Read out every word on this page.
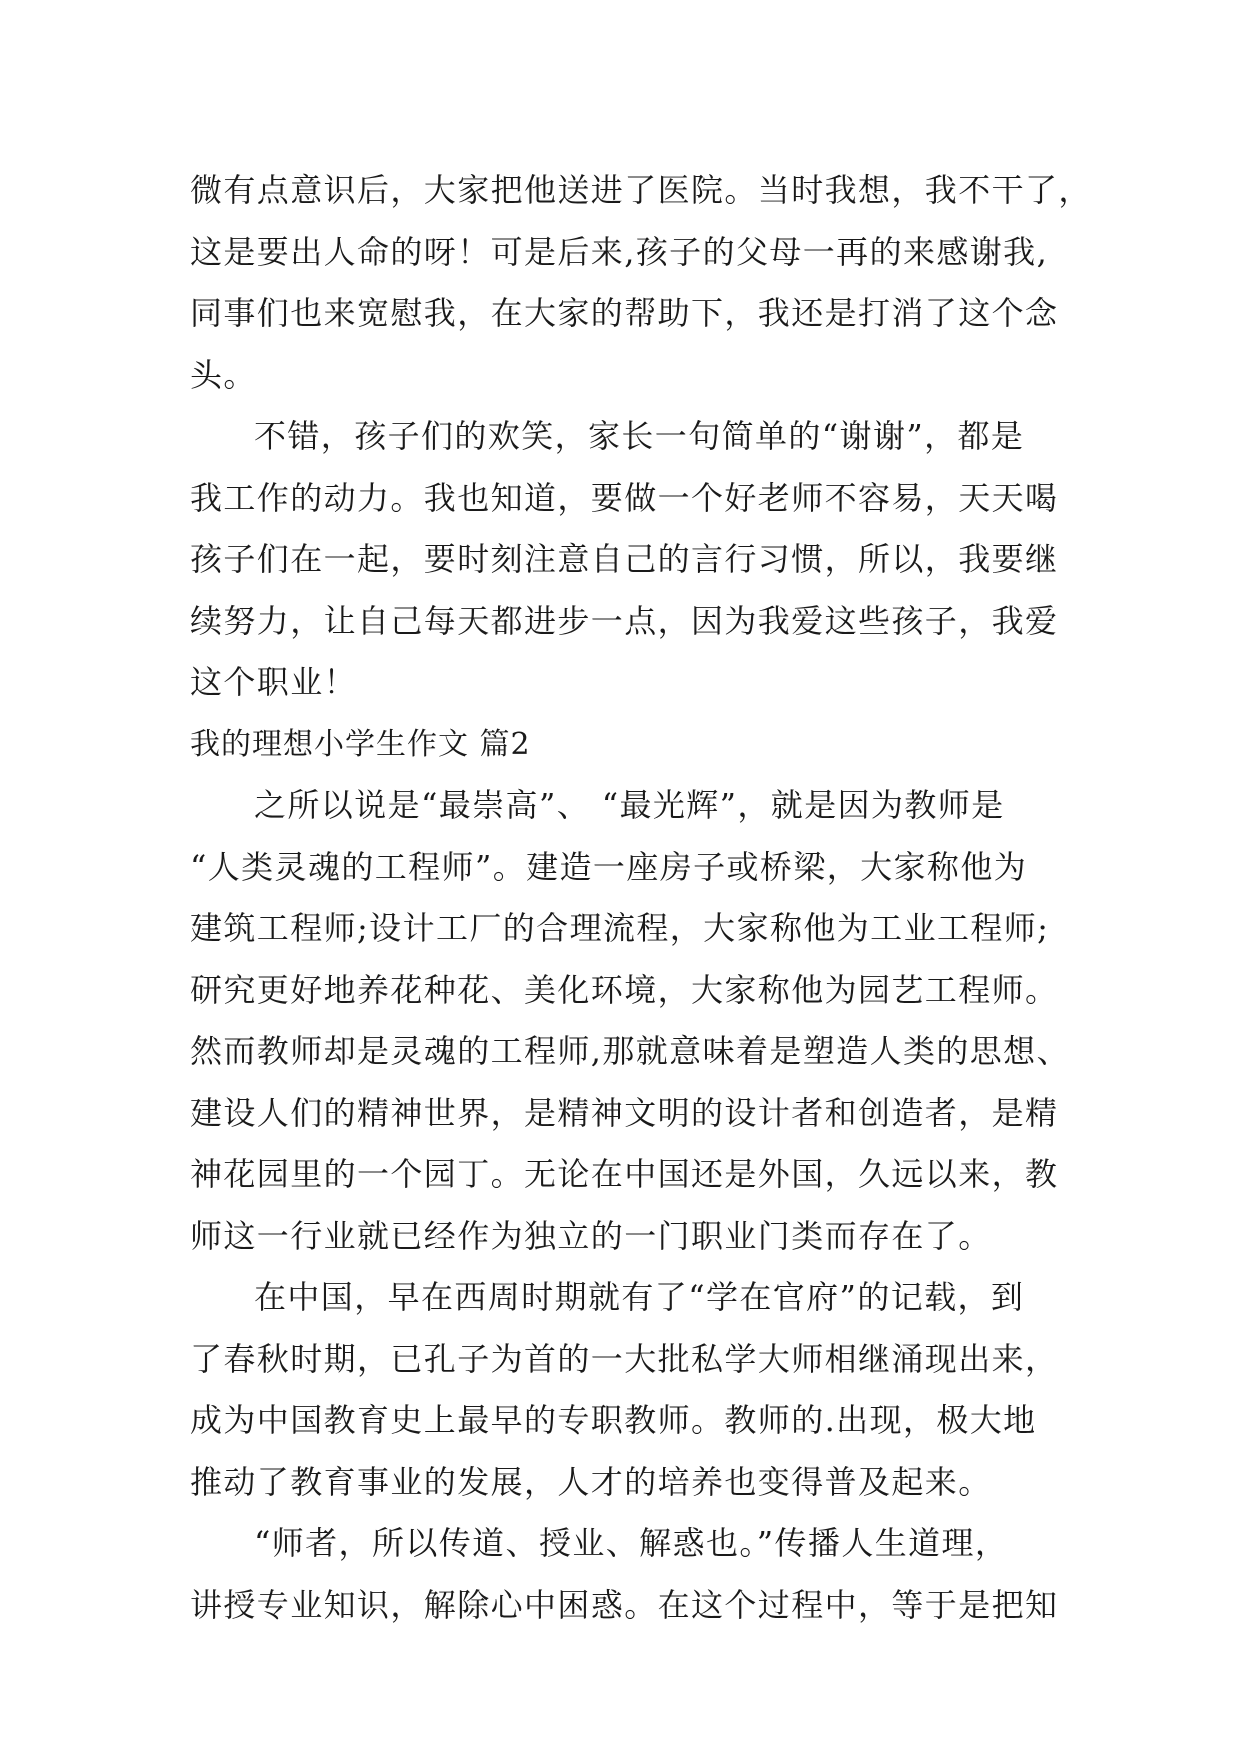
微有点意识后，大家把他送进了医院。当时我想，我不干了，
这是要出人命的呀！可是后来,孩子的父母一再的来感谢我,
同事们也来宽慰我，在大家的帮助下，我还是打消了这个念
头。
不错，孩子们的欢笑，家长一句简单的“谢谢”，都是
我工作的动力。我也知道，要做一个好老师不容易，天天喝
孩子们在一起，要时刻注意自己的言行习惯，所以，我要继
续努力，让自己每天都进步一点，因为我爱这些孩子，我爱
这个职业！
我的理想小学生作文 篇2
之所以说是“最崇高”、 “最光辉”，就是因为教师是
“人类灵魂的工程师”。建造一座房子或桥梁，大家称他为
建筑工程师;设计工厂的合理流程，大家称他为工业工程师;
研究更好地养花种花、美化环境，大家称他为园艺工程师。
然而教师却是灵魂的工程师,那就意味着是塑造人类的思想、
建设人们的精神世界，是精神文明的设计者和创造者，是精
神花园里的一个园丁。无论在中国还是外国，久远以来，教
师这一行业就已经作为独立的一门职业门类而存在了。
在中国，早在西周时期就有了“学在官府”的记载，到
了春秋时期，已孔子为首的一大批私学大师相继涌现出来，
成为中国教育史上最早的专职教师。教师的.出现，极大地
推动了教育事业的发展，人才的培养也变得普及起来。
“师者，所以传道、授业、解惑也。”传播人生道理，
讲授专业知识，解除心中困惑。在这个过程中，等于是把知
